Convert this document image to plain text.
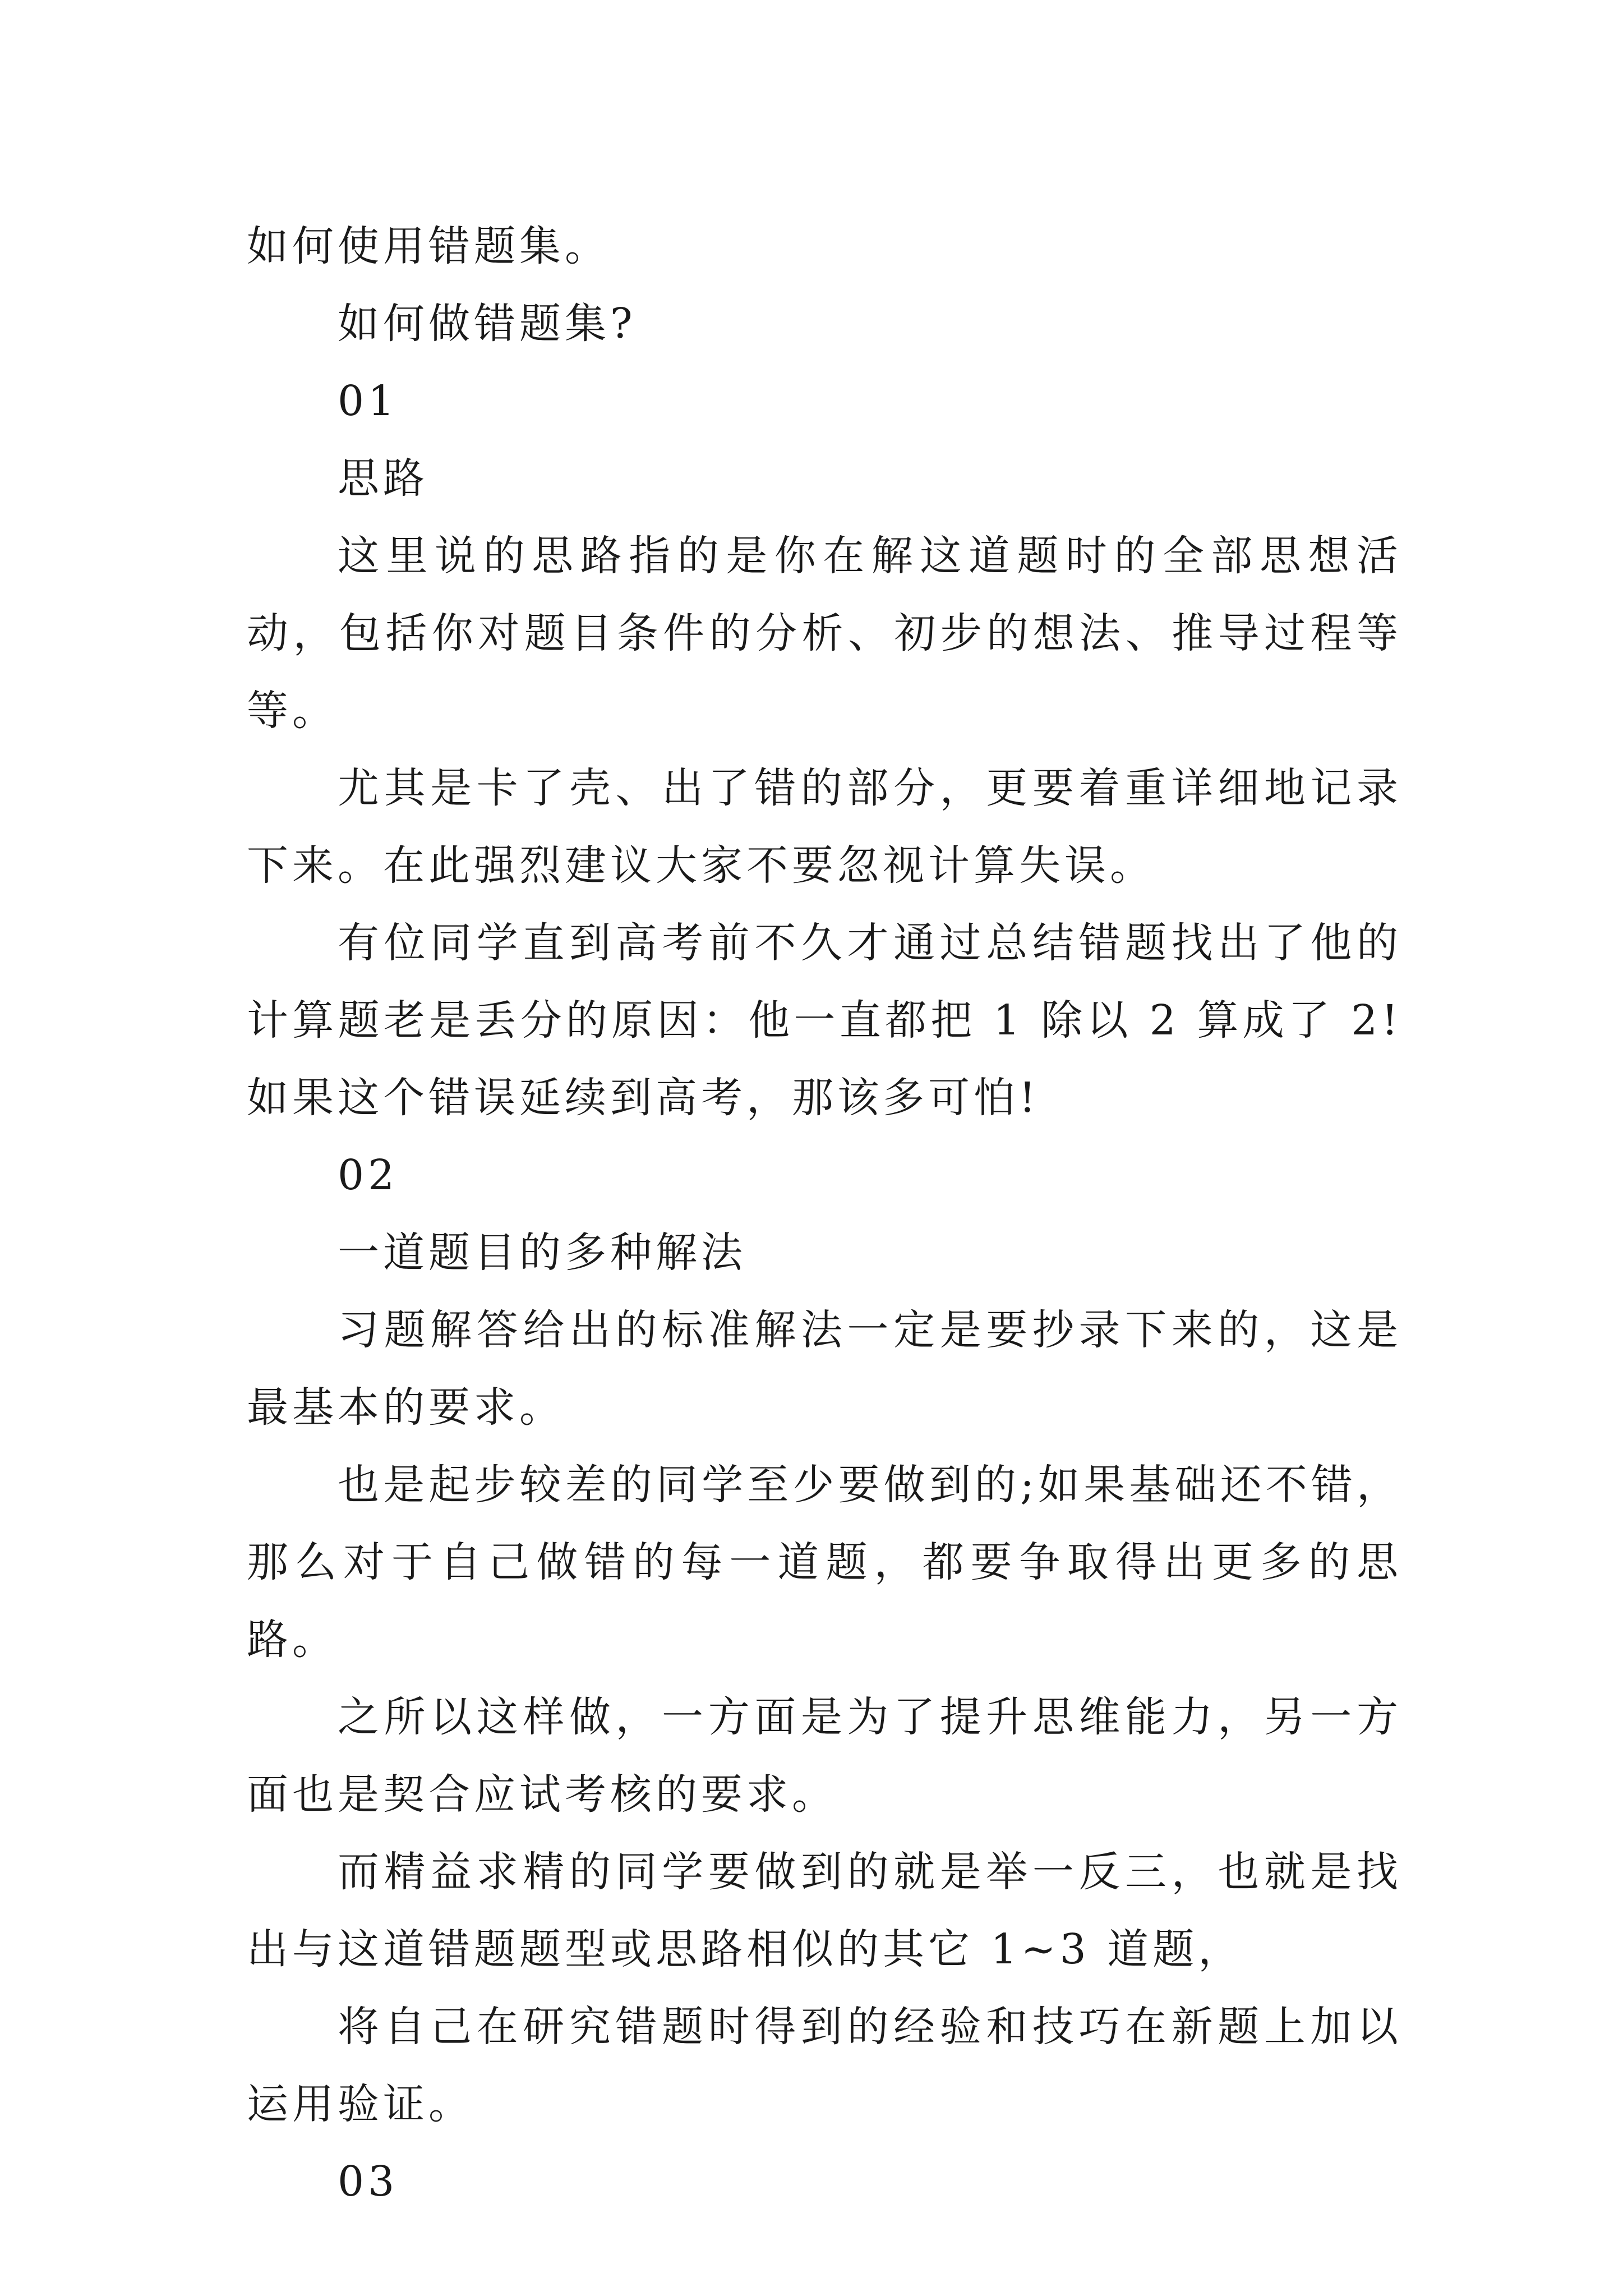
如何使用错题集。

如何做错题集?

01

思路

这里说的思路指的是你在解这道题时的全部思想活动，包括你对题目条件的分析、初步的想法、推导过程等等。

尤其是卡了壳、出了错的部分，更要着重详细地记录下来。在此强烈建议大家不要忽视计算失误。

有位同学直到高考前不久才通过总结错题找出了他的计算题老是丢分的原因：他一直都把 1 除以 2 算成了 2!如果这个错误延续到高考，那该多可怕!

02

一道题目的多种解法

习题解答给出的标准解法一定是要抄录下来的，这是最基本的要求。

也是起步较差的同学至少要做到的;如果基础还不错，那么对于自己做错的每一道题，都要争取得出更多的思路。

之所以这样做，一方面是为了提升思维能力，另一方面也是契合应试考核的要求。

而精益求精的同学要做到的就是举一反三，也就是找出与这道错题题型或思路相似的其它 1~3 道题，

将自己在研究错题时得到的经验和技巧在新题上加以运用验证。

03
